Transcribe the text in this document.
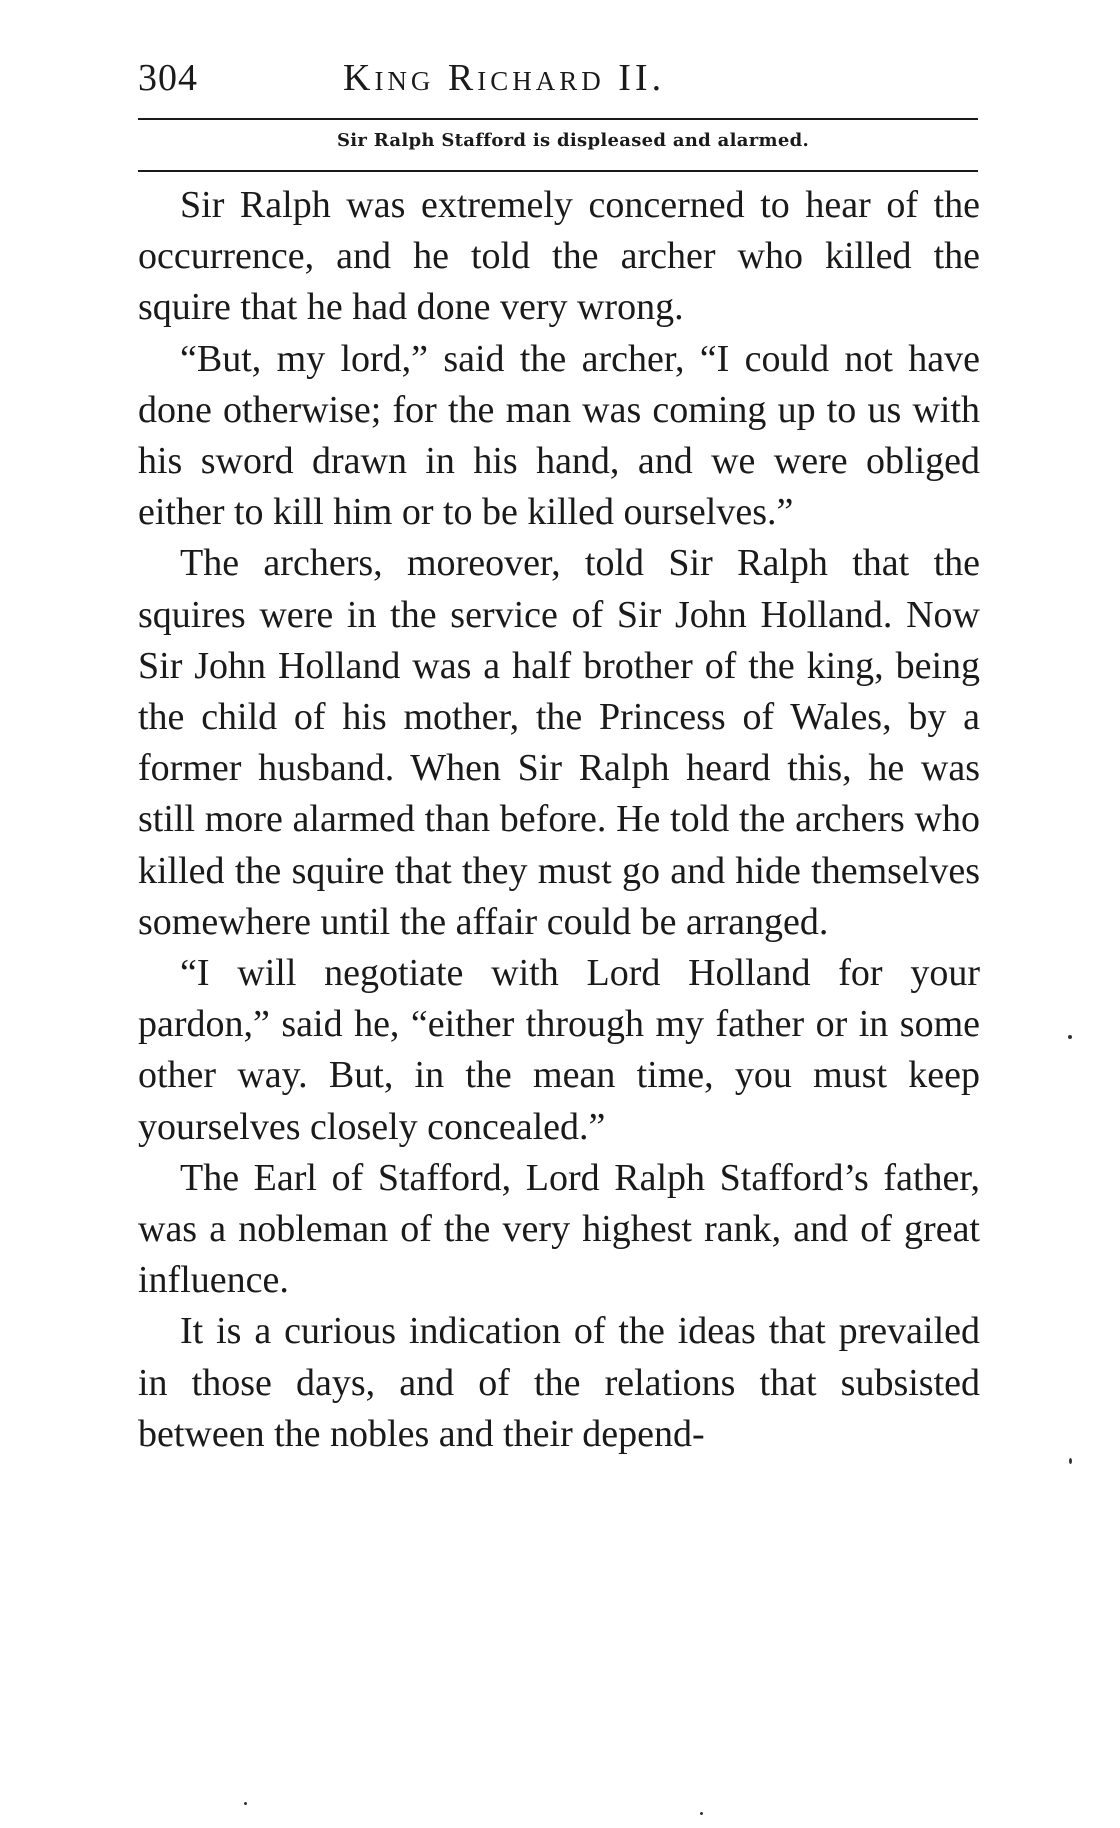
304	King Richard II.
Sir Ralph Stafford is displeased and alarmed.

Sir Ralph was extremely concerned to hear of the occurrence, and he told the archer who killed the squire that he had done very wrong.

“But, my lord,” said the archer, “I could not have done otherwise; for the man was coming up to us with his sword drawn in his hand, and we were obliged either to kill him or to be killed ourselves.”

The archers, moreover, told Sir Ralph that the squires were in the service of Sir John Holland. Now Sir John Holland was a half brother of the king, being the child of his mother, the Princess of Wales, by a former husband. When Sir Ralph heard this, he was still more alarmed than before. He told the archers who killed the squire that they must go and hide themselves somewhere until the affair could be arranged.

“I will negotiate with Lord Holland for your pardon,” said he, “either through my father or in some other way. But, in the mean time, you must keep yourselves closely concealed.”

The Earl of Stafford, Lord Ralph Stafford’s father, was a nobleman of the very highest rank, and of great influence.

It is a curious indication of the ideas that prevailed in those days, and of the relations that subsisted between the nobles and their depend-
